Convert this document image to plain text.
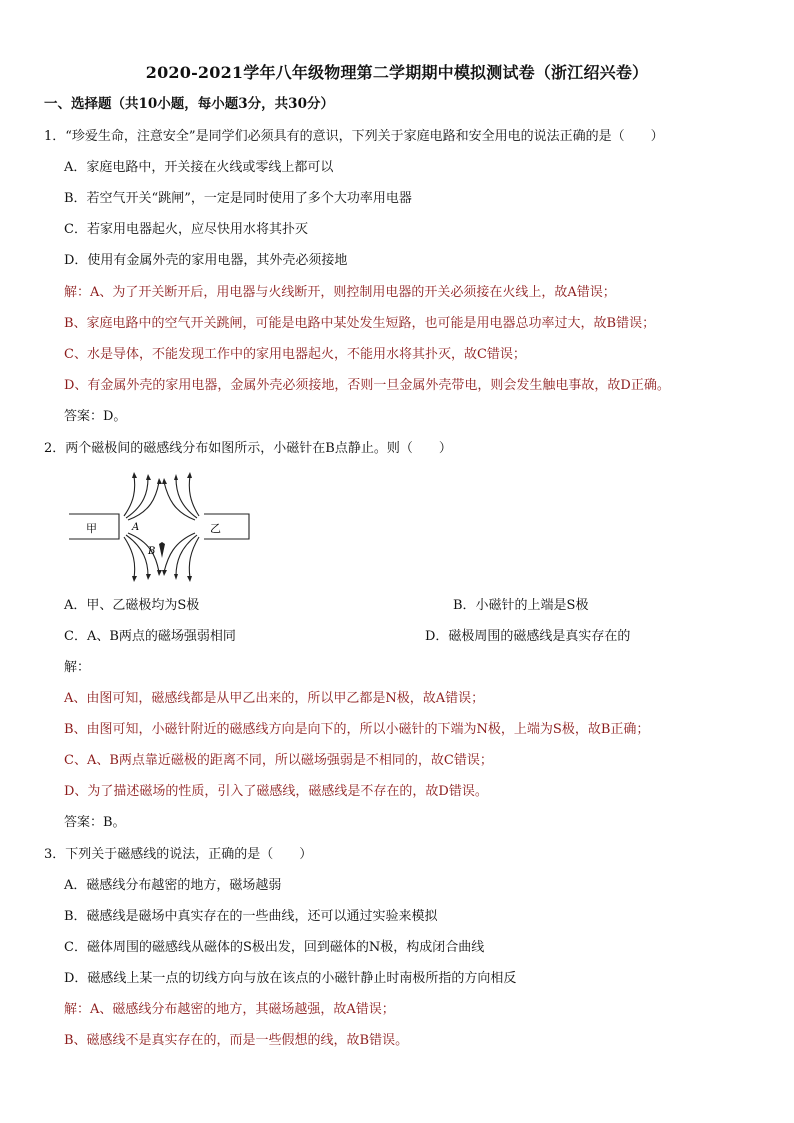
2020-2021学年八年级物理第二学期期中模拟测试卷（浙江绍兴卷）
一、选择题（共10小题，每小题3分，共30分）
1．“珍爱生命，注意安全”是同学们必须具有的意识，下列关于家庭电路和安全用电的说法正确的是（　　）
A．家庭电路中，开关接在火线或零线上都可以
B．若空气开关“跳闸”，一定是同时使用了多个大功率用电器
C．若家用电器起火，应尽快用水将其扑灭
D．使用有金属外壳的家用电器，其外壳必须接地
解：A、为了开关断开后，用电器与火线断开，则控制用电器的开关必须接在火线上，故A错误；
B、家庭电路中的空气开关跳闸，可能是电路中某处发生短路，也可能是用电器总功率过大，故B错误；
C、水是导体，不能发现工作中的家用电器起火，不能用水将其扑灭，故C错误；
D、有金属外壳的家用电器，金属外壳必须接地，否则一旦金属外壳带电，则会发生触电事故，故D正确。
答案：D。
2．两个磁极间的磁感线分布如图所示，小磁针在B点静止。则（　　）
甲	乙
A
B
A．甲、乙磁极均为S极	B．小磁针的上端是S极
C．A、B两点的磁场强弱相同	D．磁极周围的磁感线是真实存在的
解：
A、由图可知，磁感线都是从甲乙出来的，所以甲乙都是N极，故A错误；
B、由图可知，小磁针附近的磁感线方向是向下的，所以小磁针的下端为N极，上端为S极，故B正确；
C、A、B两点靠近磁极的距离不同，所以磁场强弱是不相同的，故C错误；
D、为了描述磁场的性质，引入了磁感线，磁感线是不存在的，故D错误。
答案：B。
3．下列关于磁感线的说法，正确的是（　　）
A．磁感线分布越密的地方，磁场越弱
B．磁感线是磁场中真实存在的一些曲线，还可以通过实验来模拟
C．磁体周围的磁感线从磁体的S极出发，回到磁体的N极，构成闭合曲线
D．磁感线上某一点的切线方向与放在该点的小磁针静止时南极所指的方向相反
解：A、磁感线分布越密的地方，其磁场越强，故A错误；
B、磁感线不是真实存在的，而是一些假想的线，故B错误。
